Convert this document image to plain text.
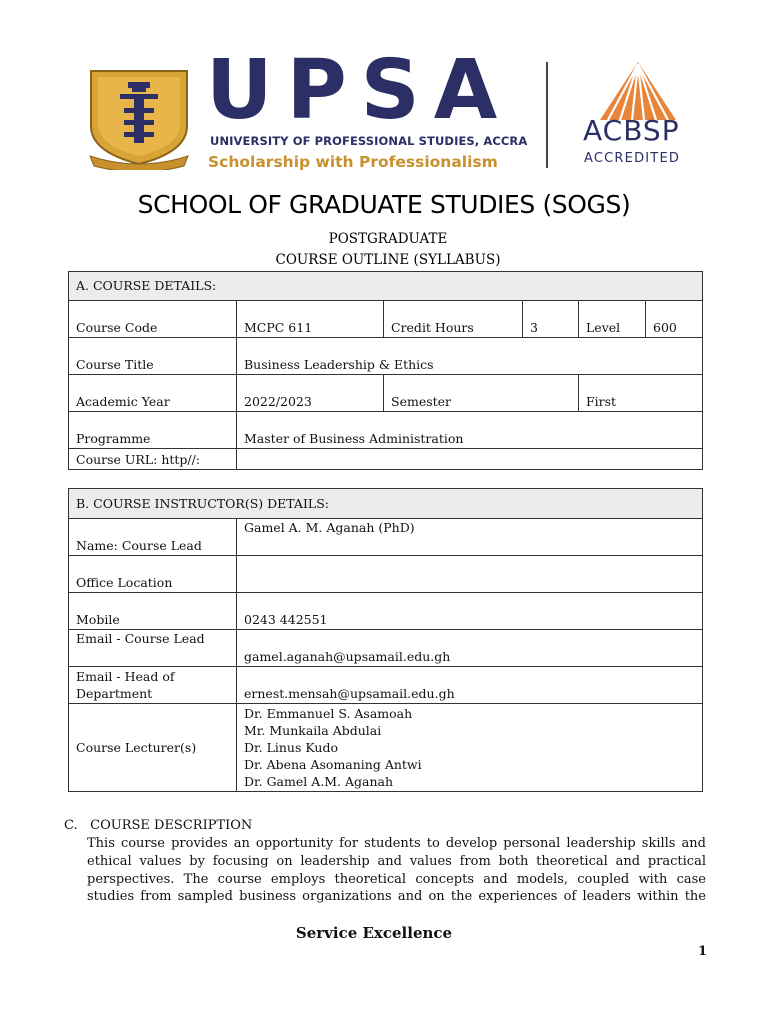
UPSA
UNIVERSITY OF PROFESSIONAL STUDIES, ACCRA
Scholarship with Professionalism
ACBSP
ACCREDITED
SCHOOL OF GRADUATE STUDIES (SOGS)
POSTGRADUATE
COURSE OUTLINE (SYLLABUS)
A. COURSE DETAILS:					
Course Code	MCPC 611	Credit Hours	3	Level	600
Course Title	Business Leadership & Ethics				
Academic Year	2022/2023	Semester		First	
Programme	Master of Business Administration				
Course URL: http//:					
B. COURSE INSTRUCTOR(S) DETAILS:	
Name: Course Lead	Gamel A. M. Aganah (PhD)
Office Location	
Mobile	0243 442551
Email - Course Lead	gamel.aganah@upsamail.edu.gh

Email - Head of
Department	ernest.mensah@upsamail.edu.gh
Course Lecturer(s)	Dr. Emmanuel S. Asamoah
Mr. Munkaila Abdulai
Dr. Linus Kudo
Dr. Abena Asomaning Antwi
Dr. Gamel A.M. Aganah
C. COURSE DESCRIPTION
This course provides an opportunity for students to develop personal leadership skills and
ethical values by focusing on leadership and values from both theoretical and practical
perspectives. The course employs theoretical concepts and models, coupled with case
studies from sampled business organizations and on the experiences of leaders within the
Service Excellence
1
